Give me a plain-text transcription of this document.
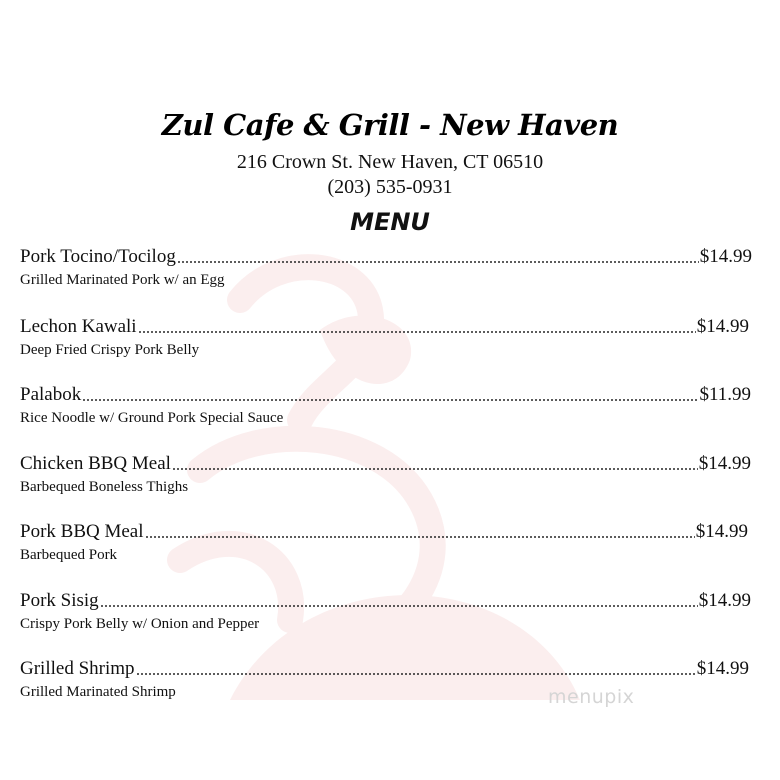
Zul Cafe & Grill - New Haven
216 Crown St. New Haven, CT 06510
(203) 535-0931
MENU
Pork Tocino/Tocilog	$14.99
Grilled Marinated Pork w/ an Egg
Lechon Kawali	$14.99
Deep Fried Crispy Pork Belly
Palabok	$11.99
Rice Noodle w/ Ground Pork Special Sauce
Chicken BBQ Meal	$14.99
Barbequed Boneless Thighs
Pork BBQ Meal	$14.99
Barbequed Pork
Pork Sisig	$14.99
Crispy Pork Belly w/ Onion and Pepper
Grilled Shrimp	$14.99
Grilled Marinated Shrimp	menupix
